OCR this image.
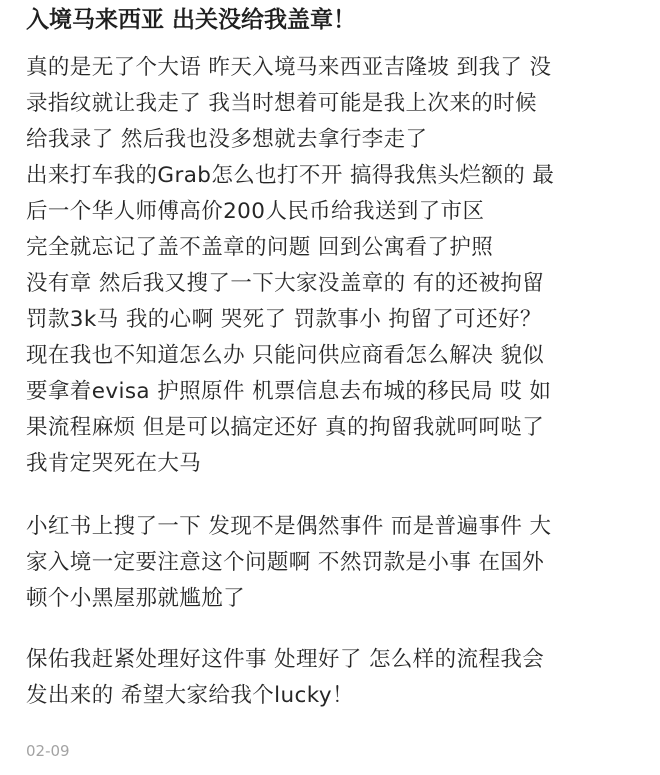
入境马来西亚 出关没给我盖章！
真的是无了个大语 昨天入境马来西亚吉隆坡 到我了 没
录指纹就让我走了 我当时想着可能是我上次来的时候
给我录了 然后我也没多想就去拿行李走了
出来打车我的Grab怎么也打不开 搞得我焦头烂额的 最
后一个华人师傅高价200人民币给我送到了市区
完全就忘记了盖不盖章的问题 回到公寓看了护照
没有章 然后我又搜了一下大家没盖章的 有的还被拘留
罚款3k马 我的心啊 哭死了 罚款事小 拘留了可还好？
现在我也不知道怎么办 只能问供应商看怎么解决 貌似
要拿着evisa 护照原件 机票信息去布城的移民局 哎 如
果流程麻烦 但是可以搞定还好 真的拘留我就呵呵哒了
我肯定哭死在大马
小红书上搜了一下 发现不是偶然事件 而是普遍事件 大
家入境一定要注意这个问题啊 不然罚款是小事 在国外
顿个小黑屋那就尴尬了
保佑我赶紧处理好这件事 处理好了 怎么样的流程我会
发出来的 希望大家给我个lucky！
02-09
